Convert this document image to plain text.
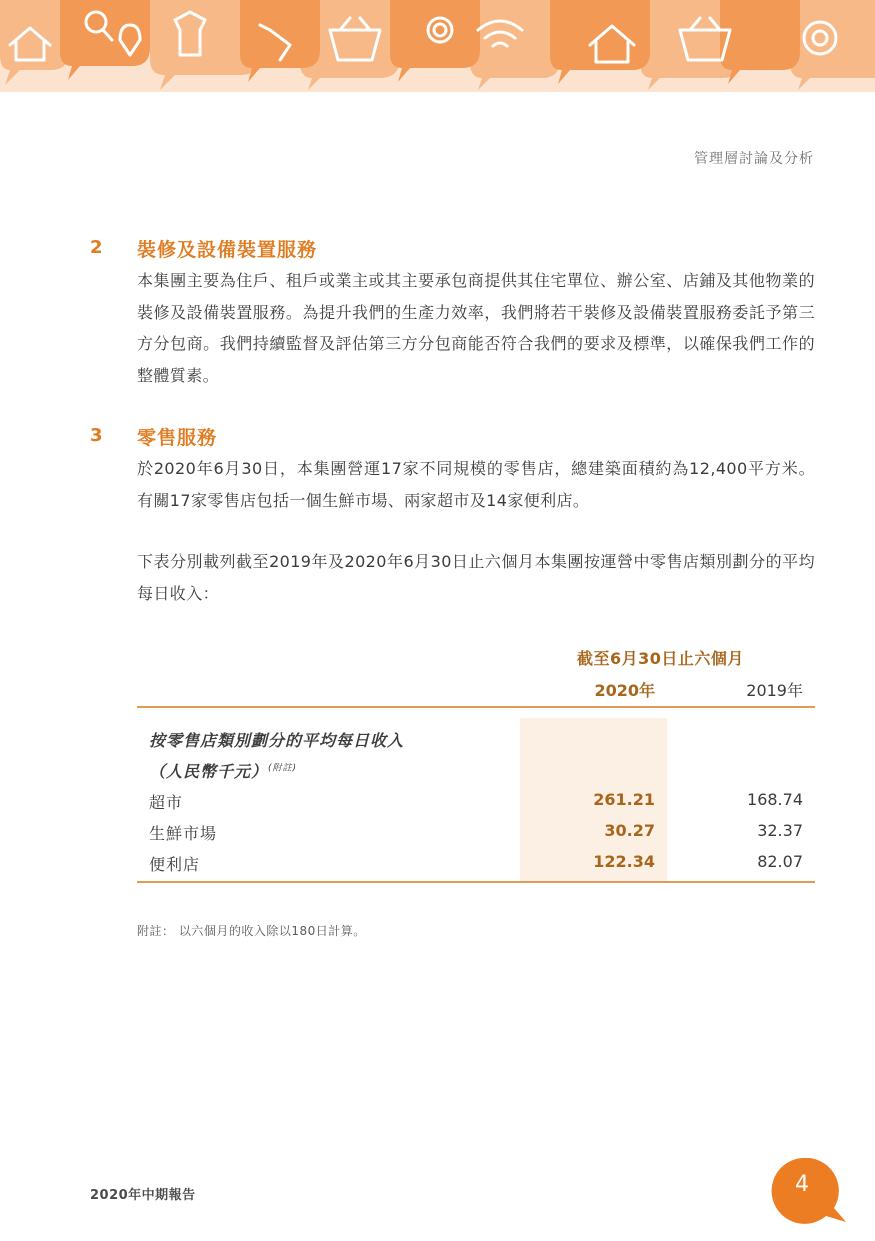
管理層討論及分析
2 裝修及設備裝置服務
本集團主要為住戶、租戶或業主或其主要承包商提供其住宅單位、辦公室、店鋪及其他物業的裝修及設備裝置服務。為提升我們的生產力效率，我們將若干裝修及設備裝置服務委託予第三方分包商。我們持續監督及評估第三方分包商能否符合我們的要求及標準，以確保我們工作的整體質素。
3 零售服務
於2020年6月30日，本集團營運17家不同規模的零售店，總建築面積約為12,400平方米。有關17家零售店包括一個生鮮市場、兩家超市及14家便利店。
下表分別載列截至2019年及2020年6月30日止六個月本集團按運營中零售店類別劃分的平均每日收入：
截至6月30日止六個月
2020年	2019年
按零售店類別劃分的平均每日收入
（人民幣千元）$^{(附註)}$
超市	261.21	168.74
生鮮市場	30.27	32.37
便利店	122.34	82.07
附註： 以六個月的收入除以180日計算。
2020年中期報告	4
